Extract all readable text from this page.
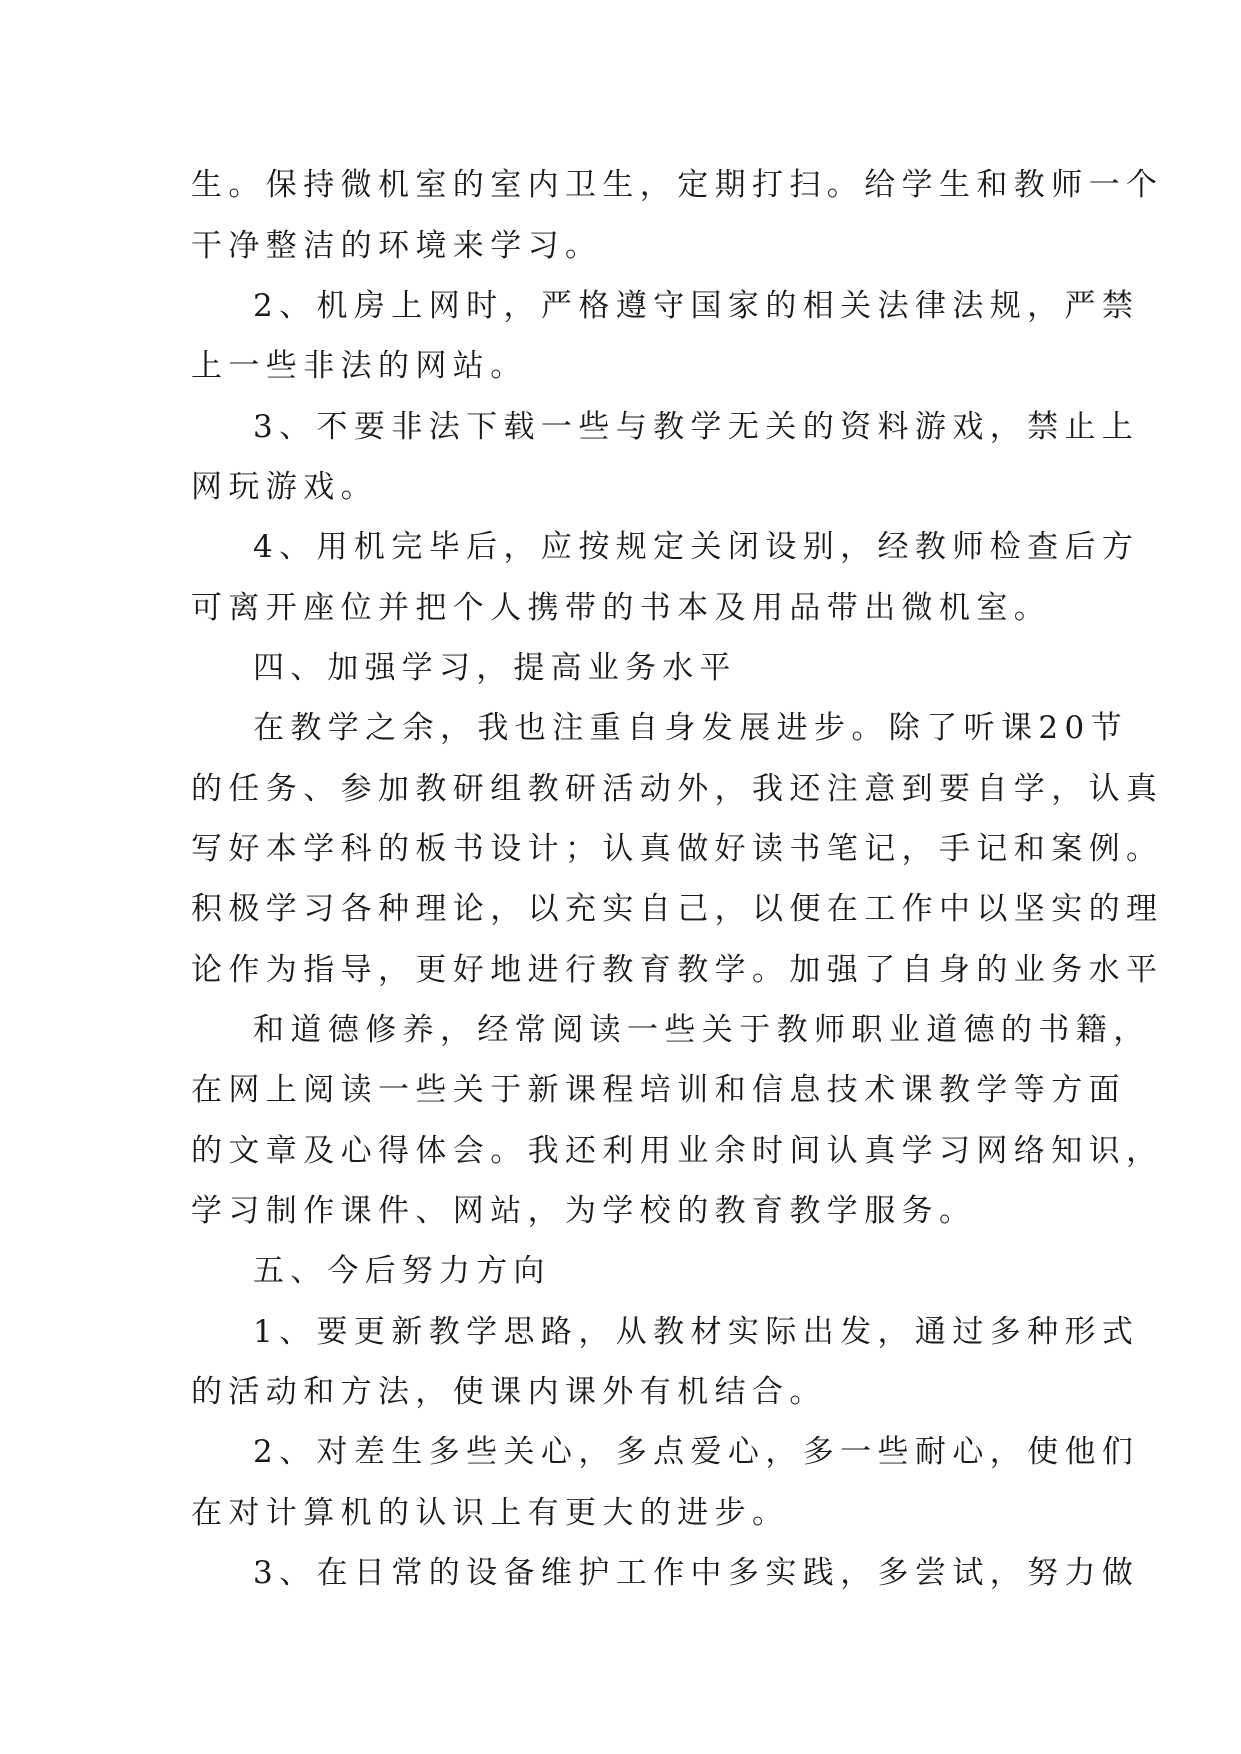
生。保持微机室的室内卫生，定期打扫。给学生和教师一个
干净整洁的环境来学习。
2、机房上网时，严格遵守国家的相关法律法规，严禁
上一些非法的网站。
3、不要非法下载一些与教学无关的资料游戏，禁止上
网玩游戏。
4、用机完毕后，应按规定关闭设别，经教师检查后方
可离开座位并把个人携带的书本及用品带出微机室。
四、加强学习，提高业务水平
在教学之余，我也注重自身发展进步。除了听课20节
的任务、参加教研组教研活动外，我还注意到要自学，认真
写好本学科的板书设计；认真做好读书笔记，手记和案例。
积极学习各种理论，以充实自己，以便在工作中以坚实的理
论作为指导，更好地进行教育教学。加强了自身的业务水平
和道德修养，经常阅读一些关于教师职业道德的书籍，
在网上阅读一些关于新课程培训和信息技术课教学等方面
的文章及心得体会。我还利用业余时间认真学习网络知识，
学习制作课件、网站，为学校的教育教学服务。
五、今后努力方向
1、要更新教学思路，从教材实际出发，通过多种形式
的活动和方法，使课内课外有机结合。
2、对差生多些关心，多点爱心，多一些耐心，使他们
在对计算机的认识上有更大的进步。
3、在日常的设备维护工作中多实践，多尝试，努力做
